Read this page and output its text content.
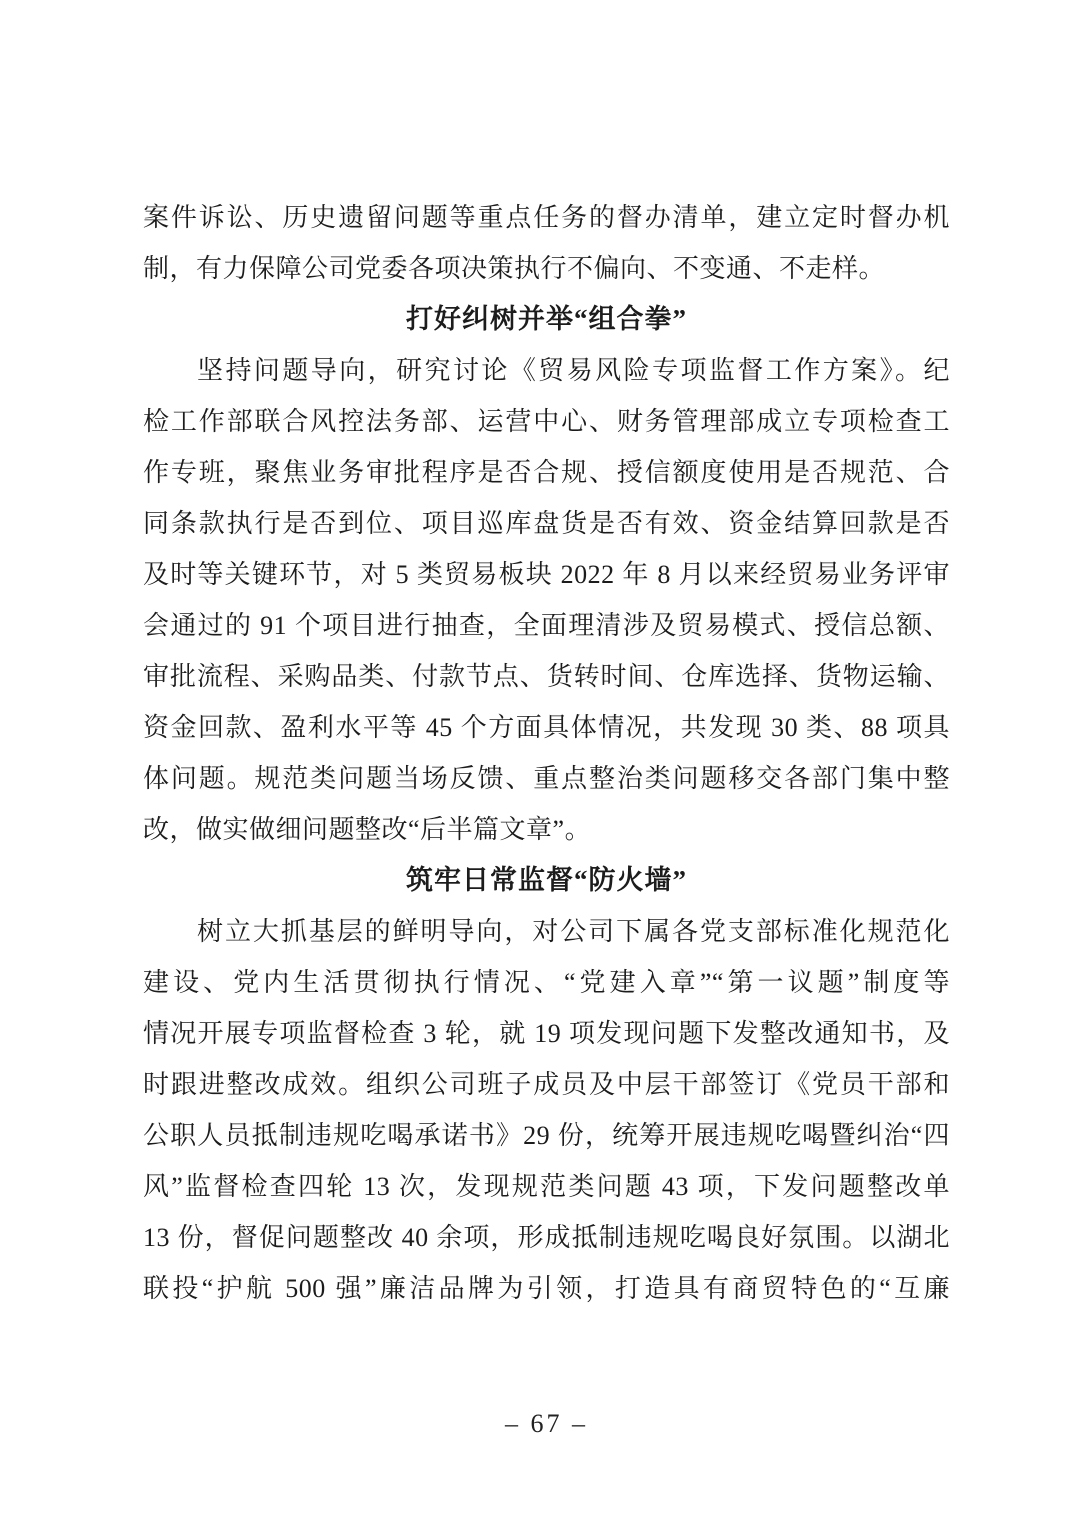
案件诉讼、历史遗留问题等重点任务的督办清单，建立定时督办机
制，有力保障公司党委各项决策执行不偏向、不变通、不走样。
打好纠树并举“组合拳”
坚持问题导向，研究讨论《贸易风险专项监督工作方案》。纪
检工作部联合风控法务部、运营中心、财务管理部成立专项检查工
作专班，聚焦业务审批程序是否合规、授信额度使用是否规范、合
同条款执行是否到位、项目巡库盘货是否有效、资金结算回款是否
及时等关键环节，对 5 类贸易板块 2022 年 8 月以来经贸易业务评审
会通过的 91 个项目进行抽查，全面理清涉及贸易模式、授信总额、
审批流程、采购品类、付款节点、货转时间、仓库选择、货物运输、
资金回款、盈利水平等 45 个方面具体情况，共发现 30 类、88 项具
体问题。规范类问题当场反馈、重点整治类问题移交各部门集中整
改，做实做细问题整改“后半篇文章”。
筑牢日常监督“防火墙”
树立大抓基层的鲜明导向，对公司下属各党支部标准化规范化
建设、党内生活贯彻执行情况、“党建入章”“第一议题”制度等
情况开展专项监督检查 3 轮，就 19 项发现问题下发整改通知书，及
时跟进整改成效。组织公司班子成员及中层干部签订《党员干部和
公职人员抵制违规吃喝承诺书》29 份，统筹开展违规吃喝暨纠治“四
风”监督检查四轮 13 次，发现规范类问题 43 项，下发问题整改单
13 份，督促问题整改 40 余项，形成抵制违规吃喝良好氛围。以湖北
联投“护航 500 强”廉洁品牌为引领，打造具有商贸特色的“互廉
– 67 –
